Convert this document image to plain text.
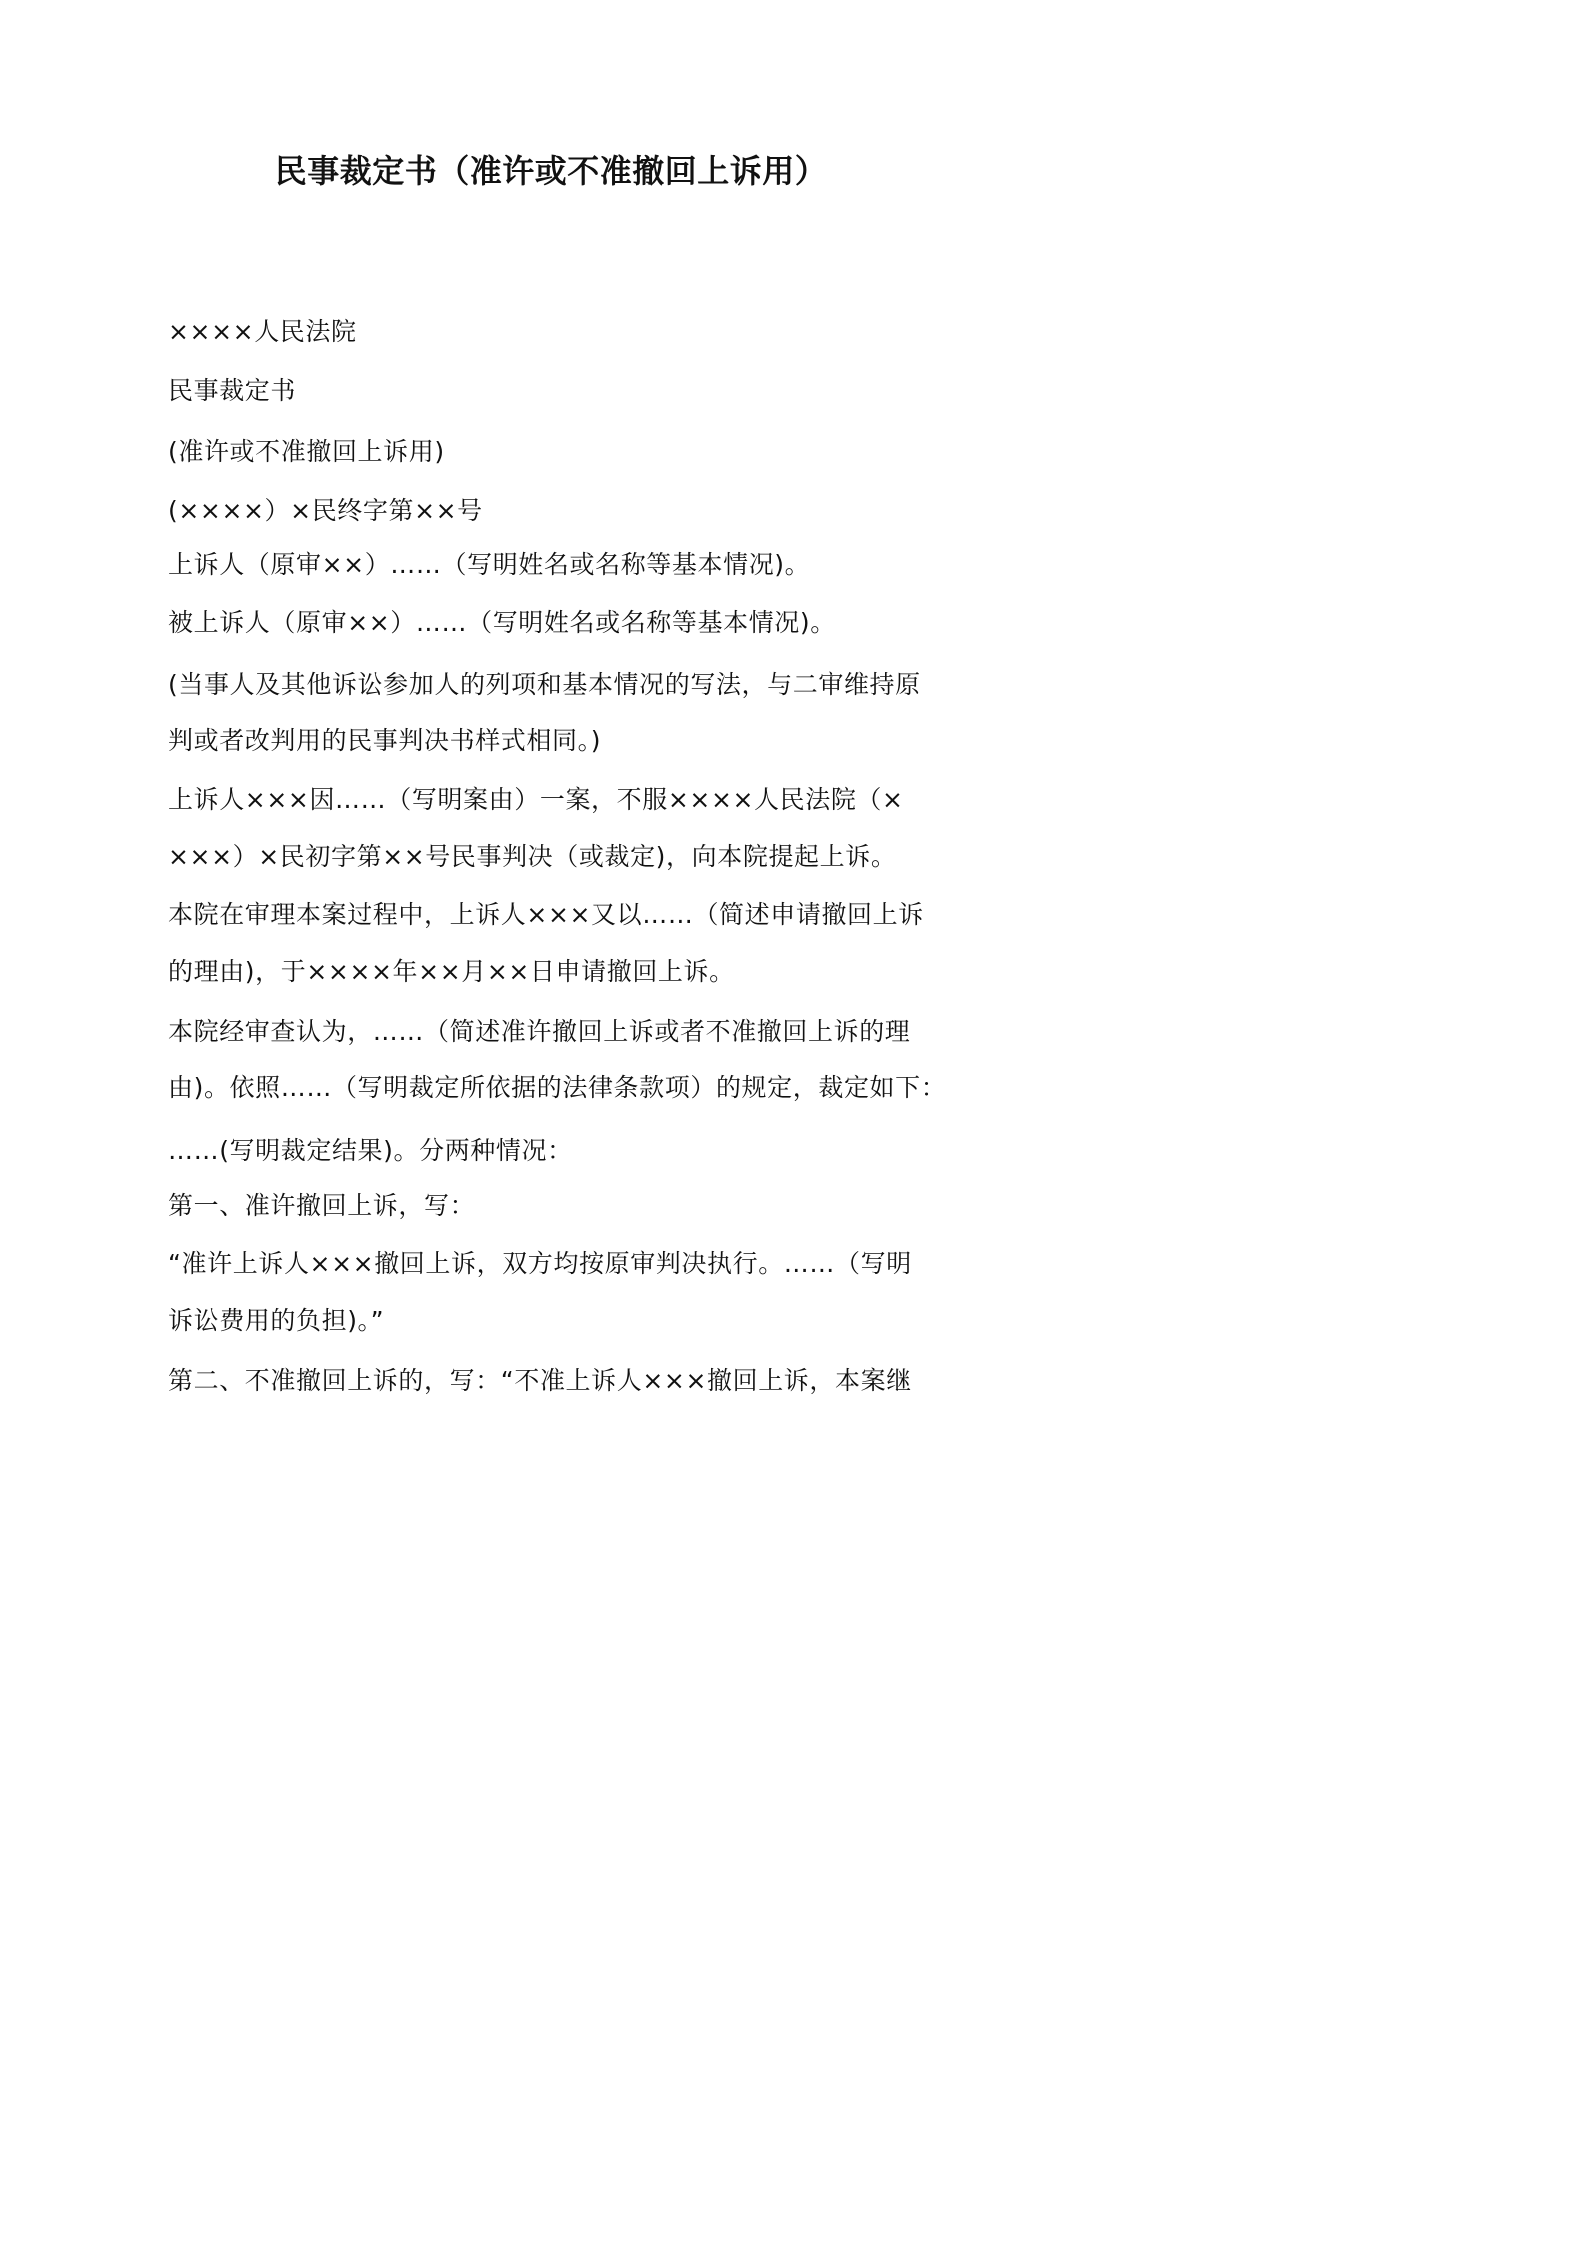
民事裁定书（准许或不准撤回上诉用）
××××人民法院
民事裁定书
(准许或不准撤回上诉用)
(××××）×民终字第××号
上诉人（原审××）……（写明姓名或名称等基本情况)。
被上诉人（原审××）……（写明姓名或名称等基本情况)。
(当事人及其他诉讼参加人的列项和基本情况的写法，与二审维持原
判或者改判用的民事判决书样式相同。)
上诉人×××因……（写明案由）一案，不服××××人民法院（×
×××）×民初字第××号民事判决（或裁定)，向本院提起上诉。
本院在审理本案过程中，上诉人×××又以……（简述申请撤回上诉
的理由)，于××××年××月××日申请撤回上诉。
本院经审查认为，……（简述准许撤回上诉或者不准撤回上诉的理
由)。依照……（写明裁定所依据的法律条款项）的规定，裁定如下：
……(写明裁定结果)。分两种情况：
第一、准许撤回上诉，写：
“准许上诉人×××撤回上诉，双方均按原审判决执行。……（写明
诉讼费用的负担)。”
第二、不准撤回上诉的，写：“不准上诉人×××撤回上诉，本案继
